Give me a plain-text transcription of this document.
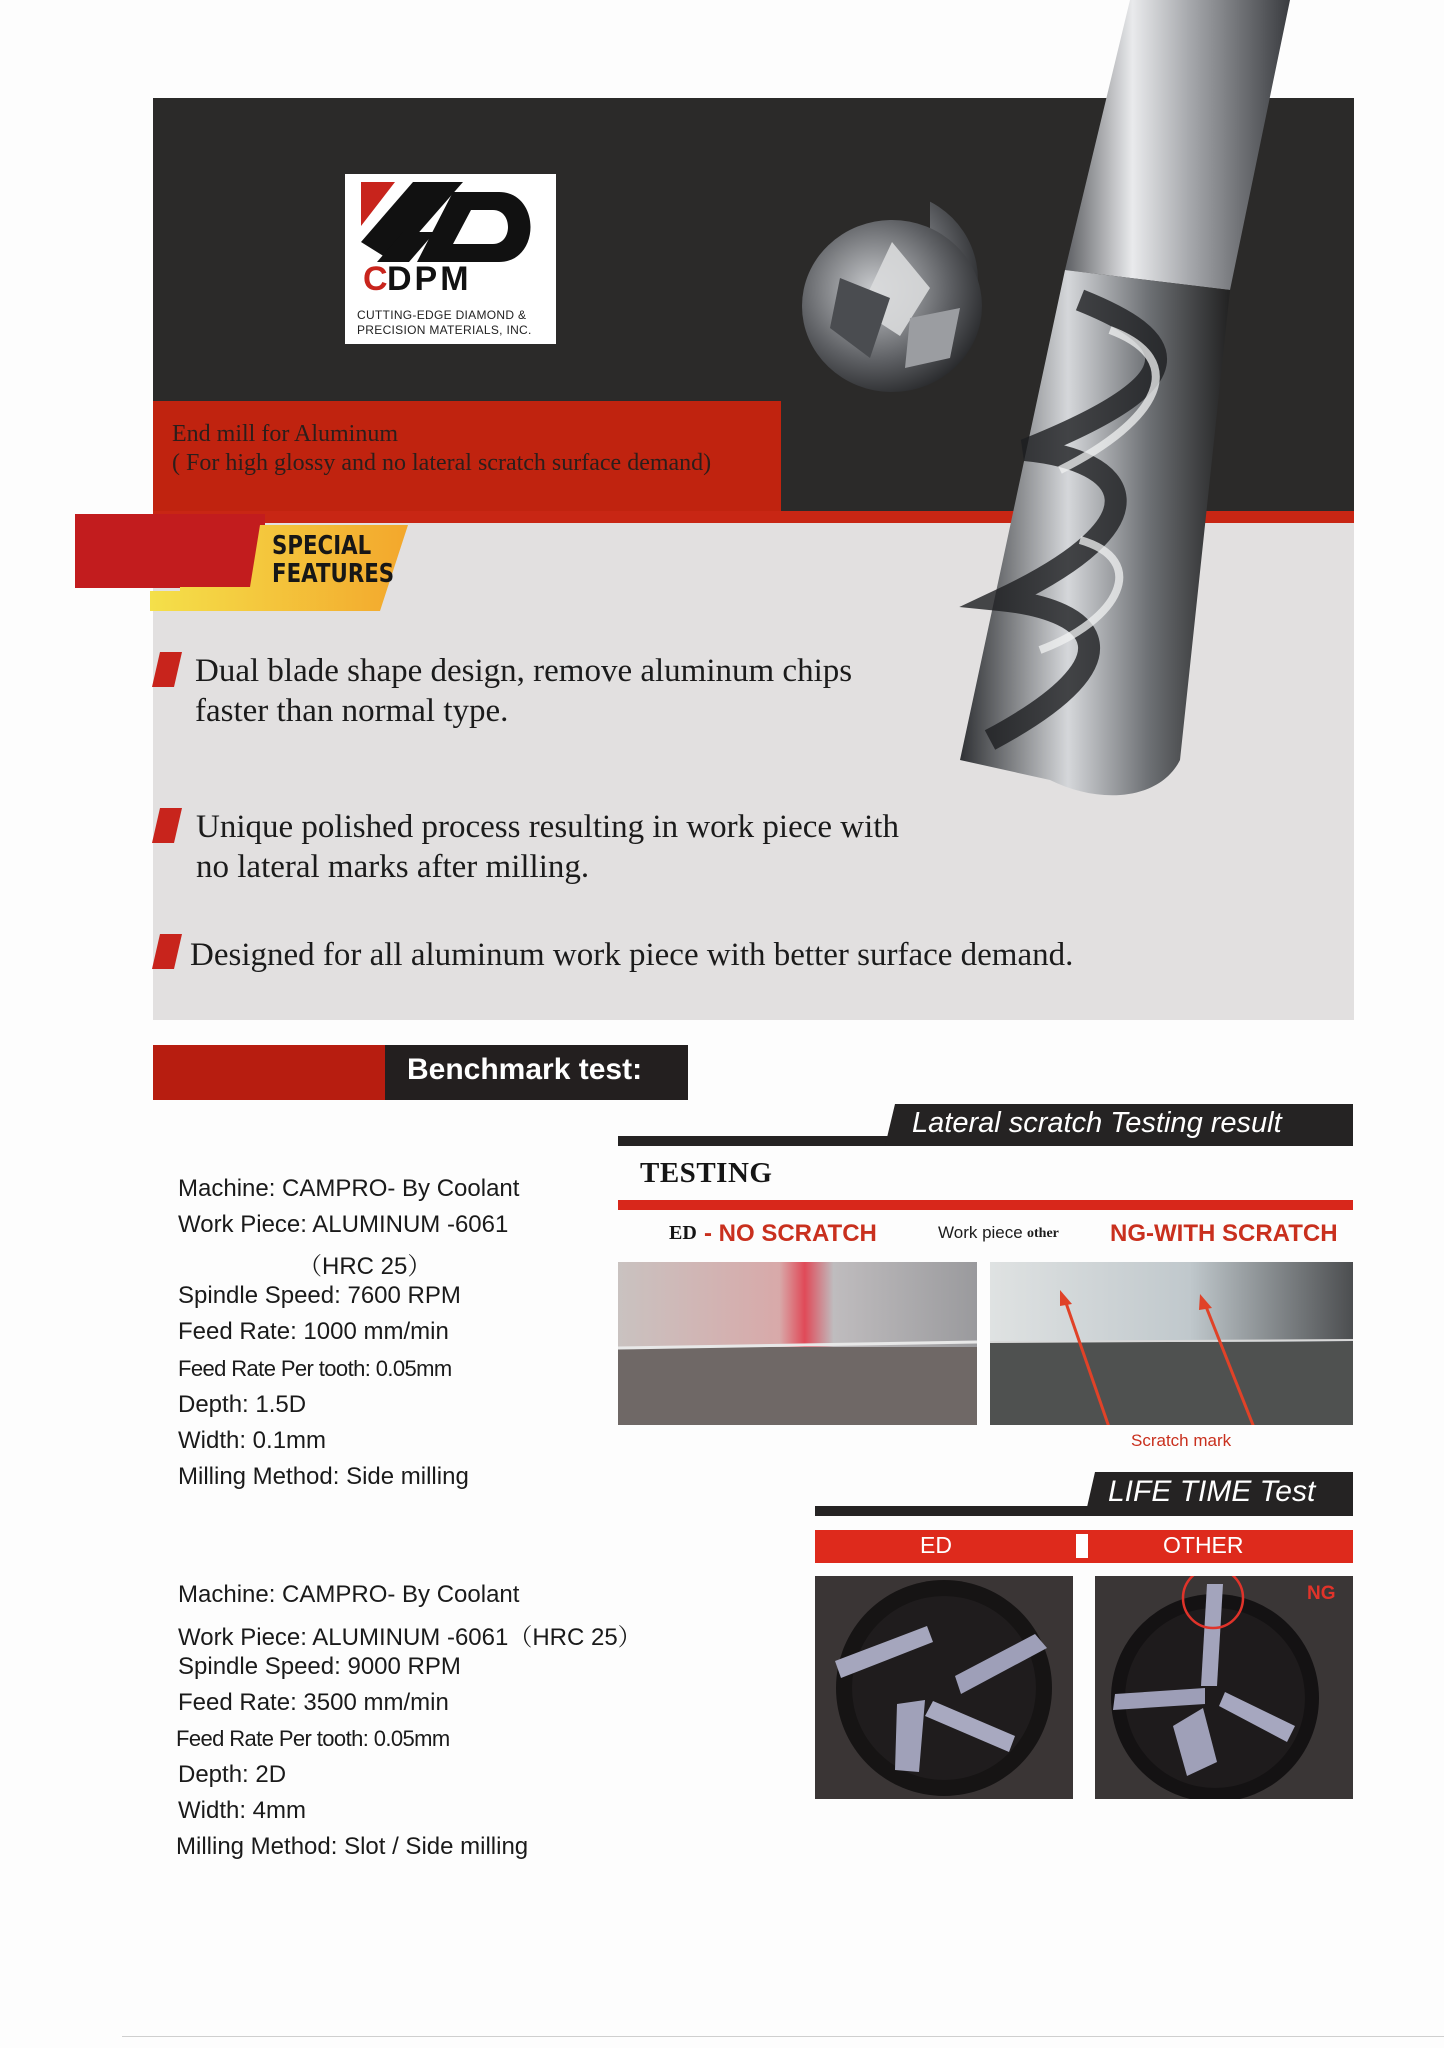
C
DPM
CUTTING-EDGE DIAMOND &
PRECISION MATERIALS, INC.
End mill for Aluminum
( For high glossy and no lateral scratch surface demand)
SPECIAL
FEATURES
Dual blade shape design, remove aluminum chips
faster than normal type.
Unique polished process resulting in work piece with
no lateral marks after milling.
Designed for all aluminum work piece with better surface demand.
Benchmark test:
Machine: CAMPRO- By Coolant
Work Piece: ALUMINUM -6061
（HRC 25）
Spindle Speed: 7600 RPM
Feed Rate: 1000 mm/min
Feed Rate Per tooth: 0.05mm
Depth: 1.5D
Width: 0.1mm
Milling Method: Side milling
Machine: CAMPRO- By Coolant
Work Piece: ALUMINUM -6061（HRC 25）
Spindle Speed: 9000 RPM
Feed Rate: 3500 mm/min
Feed Rate Per tooth: 0.05mm
Depth: 2D
Width: 4mm
Milling Method: Slot / Side milling
Lateral scratch Testing result
TESTING
ED - NO SCRATCH	Work piece other NG-WITH SCRATCH
Scratch mark
LIFE TIME Test
ED	OTHER
NG
